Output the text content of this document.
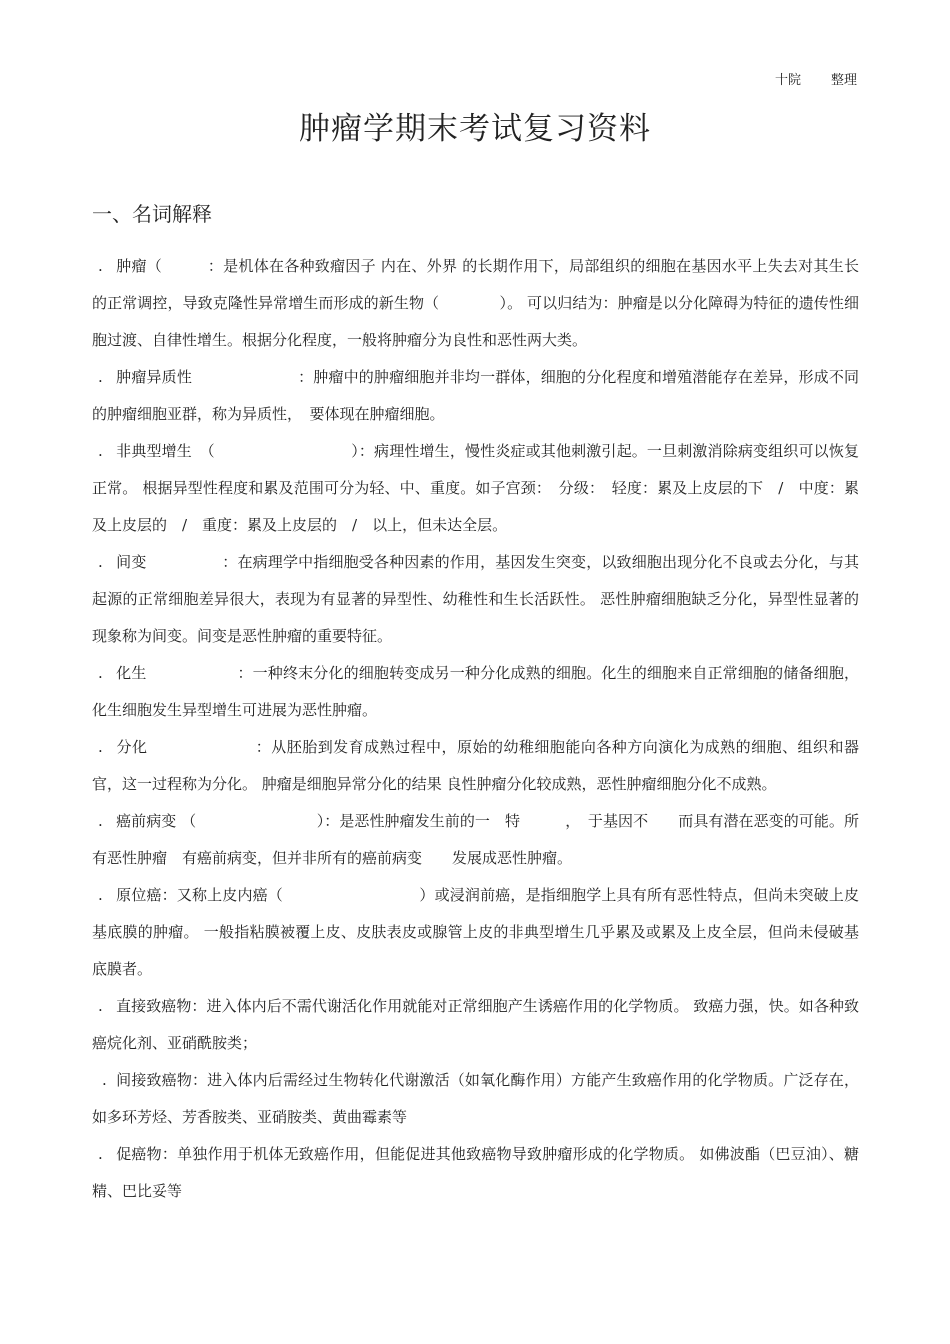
十院 整理
肿瘤学期末考试复习资料
一、名词解释

. 肿瘤（　　　：是机体在各种致瘤因子 内在、外界 的长期作用下，局部组织的细胞在基因水平上失去对其生长的正常调控，导致克隆性异常增生而形成的新生物（　　　　）。 可以归结为：肿瘤是以分化障碍为特征的遗传性细胞过渡、自律性增生。根据分化程度，一般将肿瘤分为良性和恶性两大类。

. 肿瘤异质性　　　　　　　：肿瘤中的肿瘤细胞并非均一群体，细胞的分化程度和增殖潜能存在差异，形成不同的肿瘤细胞亚群，称为异质性，　要体现在肿瘤细胞。

. 非典型增生　（　　　　　　　　　）：病理性增生，慢性炎症或其他刺激引起。一旦刺激消除病变组织可以恢复正常。 根据异型性程度和累及范围可分为轻、中、重度。如子宫颈：　分级：　轻度：累及上皮层的下　/　中度：累及上皮层的　/　重度：累及上皮层的　/　以上，但未达全层。

. 间变　　　　　：在病理学中指细胞受各种因素的作用，基因发生突变，以致细胞出现分化不良或去分化，与其起源的正常细胞差异很大，表现为有显著的异型性、幼稚性和生长活跃性。 恶性肿瘤细胞缺乏分化，异型性显著的现象称为间变。间变是恶性肿瘤的重要特征。

. 化生　　　　　　：一种终末分化的细胞转变成另一种分化成熟的细胞。化生的细胞来自正常细胞的储备细胞，化生细胞发生异型增生可进展为恶性肿瘤。

. 分化　　　　　　　：从胚胎到发育成熟过程中，原始的幼稚细胞能向各种方向演化为成熟的细胞、组织和器官，这一过程称为分化。 肿瘤是细胞异常分化的结果 良性肿瘤分化较成熟，恶性肿瘤细胞分化不成熟。

. 癌前病变 （　　　　　　　　）：是恶性肿瘤发生前的一　特　　　，　于基因不　　而具有潜在恶变的可能。所有恶性肿瘤　有癌前病变，但并非所有的癌前病变　　发展成恶性肿瘤。

. 原位癌：又称上皮内癌（　　　　　　　　　）或浸润前癌，是指细胞学上具有所有恶性特点，但尚未突破上皮基底膜的肿瘤。 一般指粘膜被覆上皮、皮肤表皮或腺管上皮的非典型增生几乎累及或累及上皮全层，但尚未侵破基底膜者。

. 直接致癌物：进入体内后不需代谢活化作用就能对正常细胞产生诱癌作用的化学物质。 致癌力强，快。如各种致癌烷化剂、亚硝酰胺类；

. 间接致癌物：进入体内后需经过生物转化代谢激活（如氧化酶作用）方能产生致癌作用的化学物质。广泛存在，如多环芳烃、芳香胺类、亚硝胺类、黄曲霉素等

. 促癌物：单独作用于机体无致癌作用，但能促进其他致癌物导致肿瘤形成的化学物质。 如佛波酯（巴豆油）、糖精、巴比妥等
